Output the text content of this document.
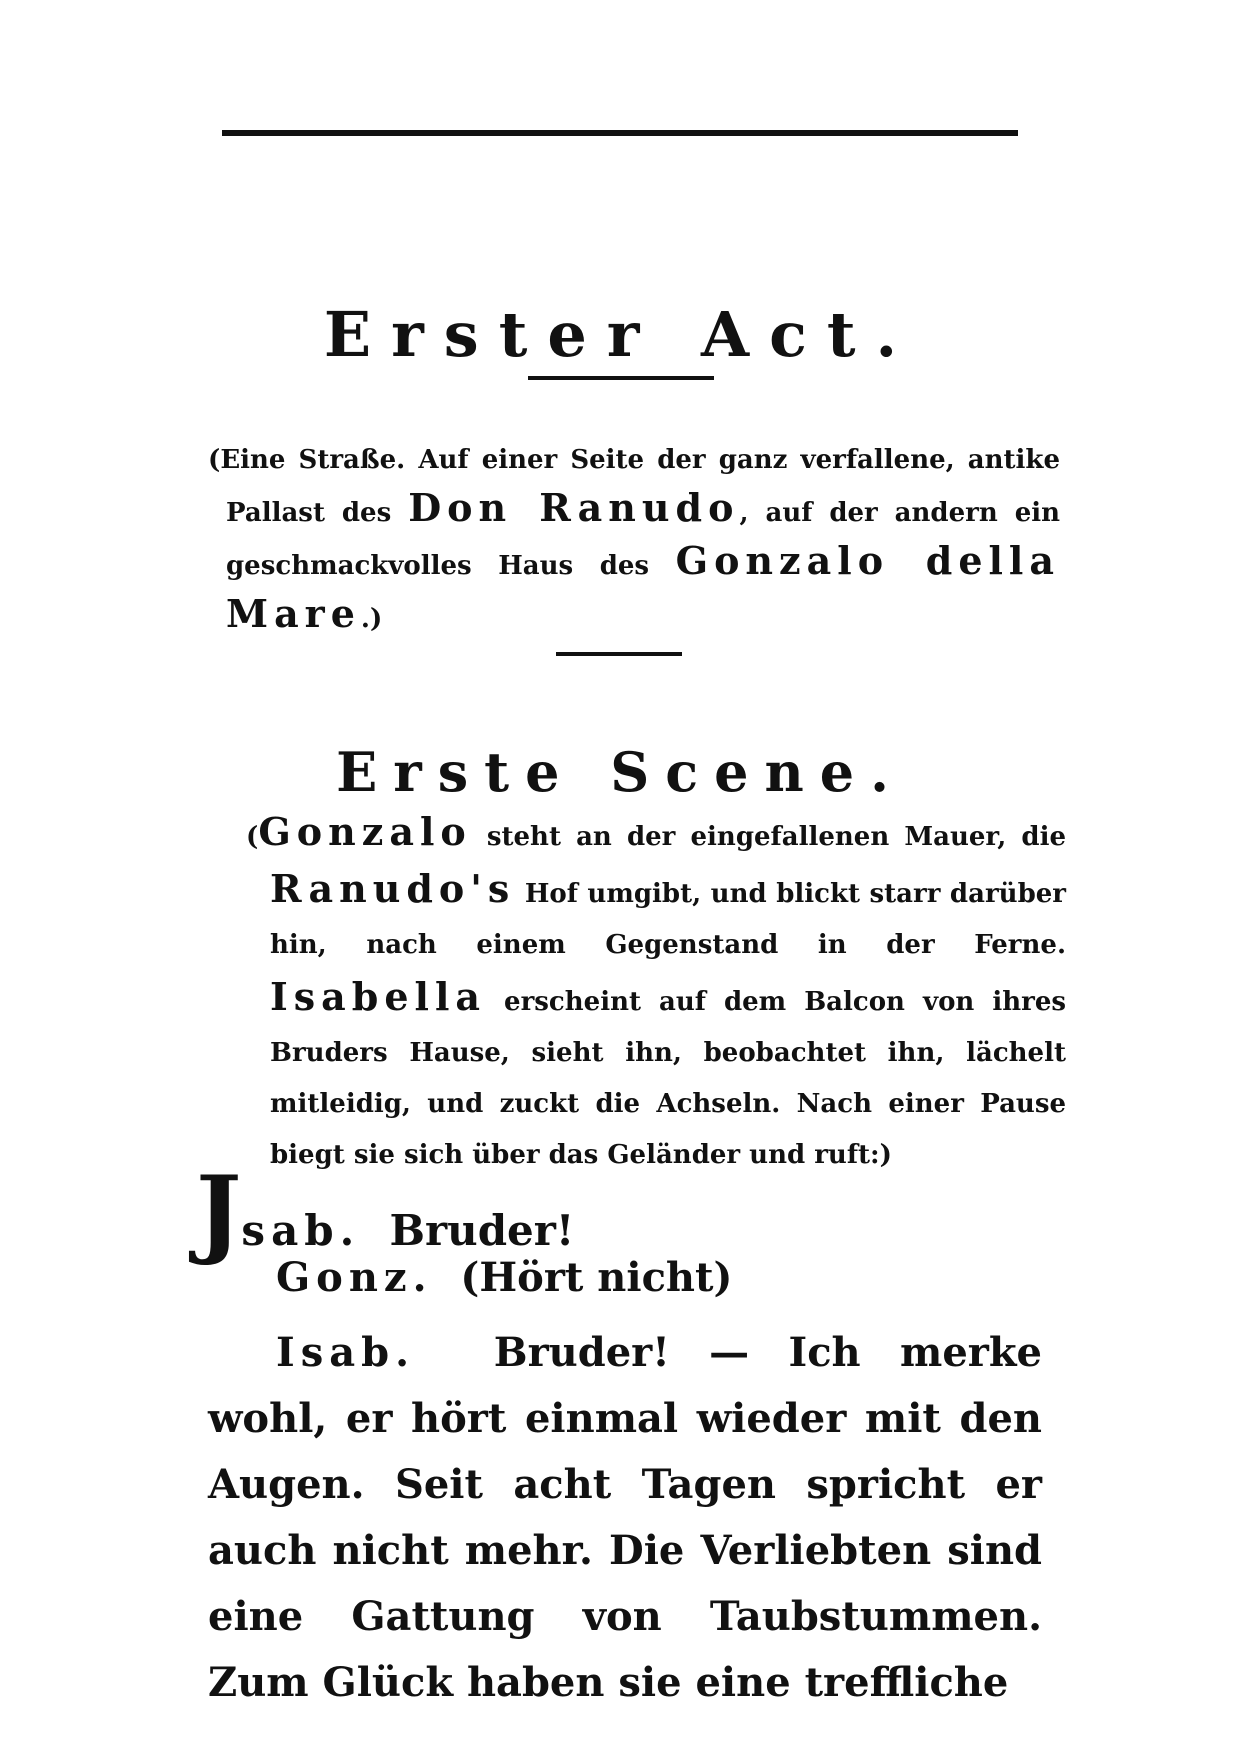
Erster Act.

(Eine Straße. Auf einer Seite der ganz verfallene, antike Pallast des Don Ranudo, auf der andern ein geschmackvolles Haus des Gonzalo della Mare.)

Erste Scene.

(Gonzalo steht an der eingefallenen Mauer, die Ranudo's Hof umgibt, und blickt starr darüber hin, nach einem Gegenstand in der Ferne. Isabella erscheint auf dem Balcon von ihres Bruders Hause, sieht ihn, beobachtet ihn, lächelt mitleidig, und zuckt die Achseln. Nach einer Pause biegt sie sich über das Geländer und ruft:)

Jsab. Bruder!

Gonz. (Hört nicht)

Isab. Bruder! — Ich merke wohl, er hört einmal wieder mit den Augen. Seit acht Tagen spricht er auch nicht mehr. Die Verliebten sind eine Gattung von Taubstummen. Zum Glück haben sie eine treffliche
